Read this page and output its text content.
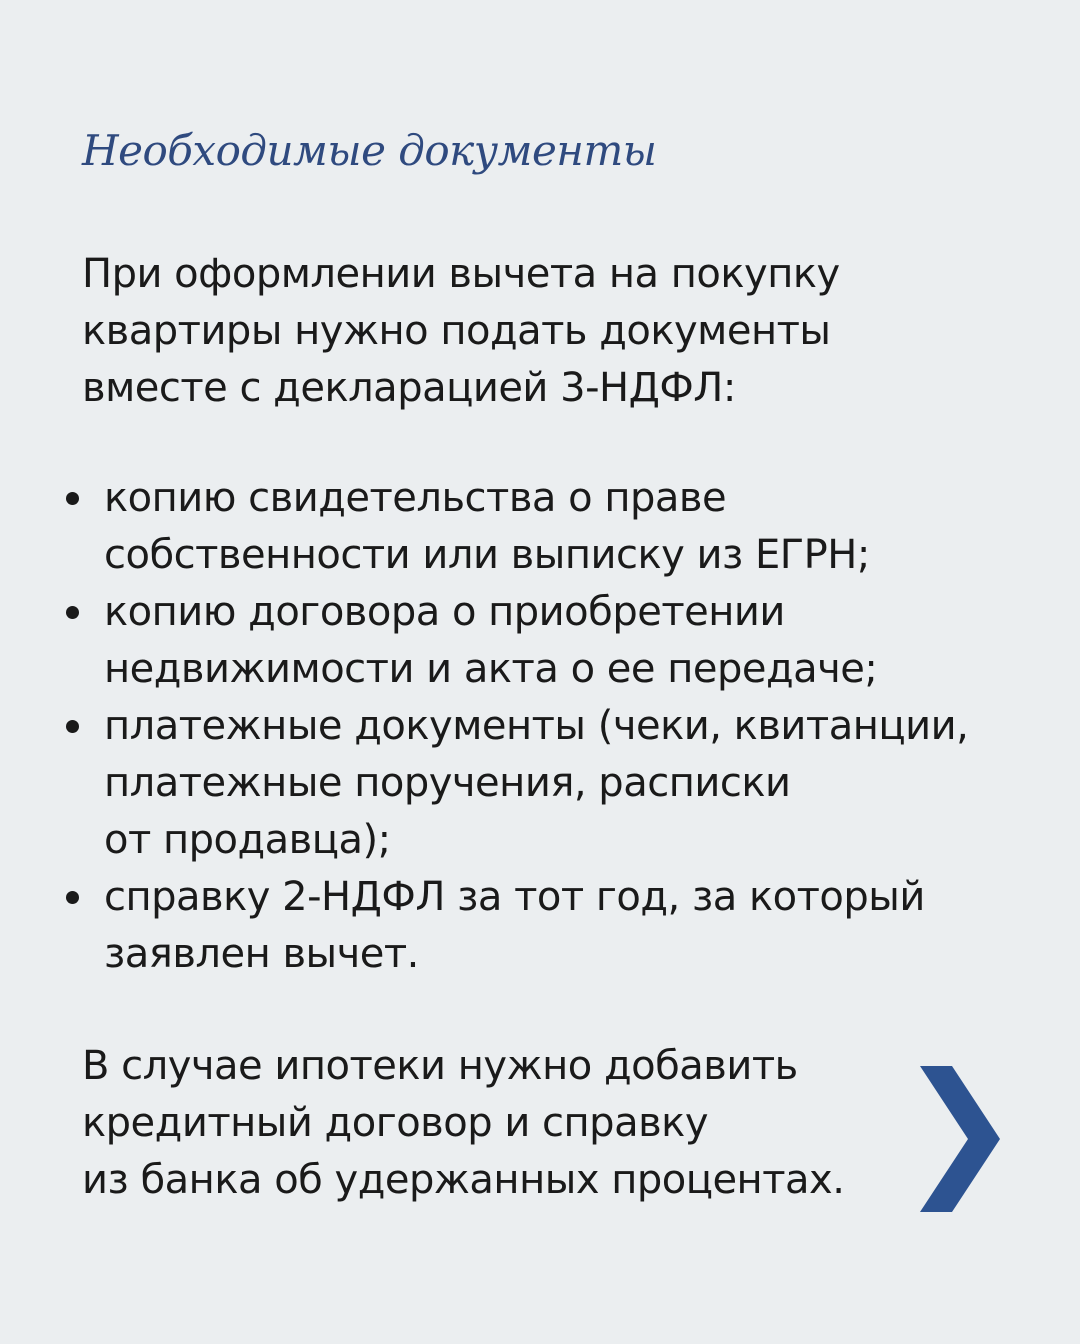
Необходимые документы

При оформлении вычета на покупку
квартиры нужно подать документы
вместе с декларацией 3-НДФЛ:

копию свидетельства о праве
собственности или выписку из ЕГРН;
копию договора о приобретении
недвижимости и акта о ее передаче;
платежные документы (чеки, квитанции,
платежные поручения, расписки
от продавца);
справку 2-НДФЛ за тот год, за который
заявлен вычет.

В случае ипотеки нужно добавить
кредитный договор и справку
из банка об удержанных процентах.
